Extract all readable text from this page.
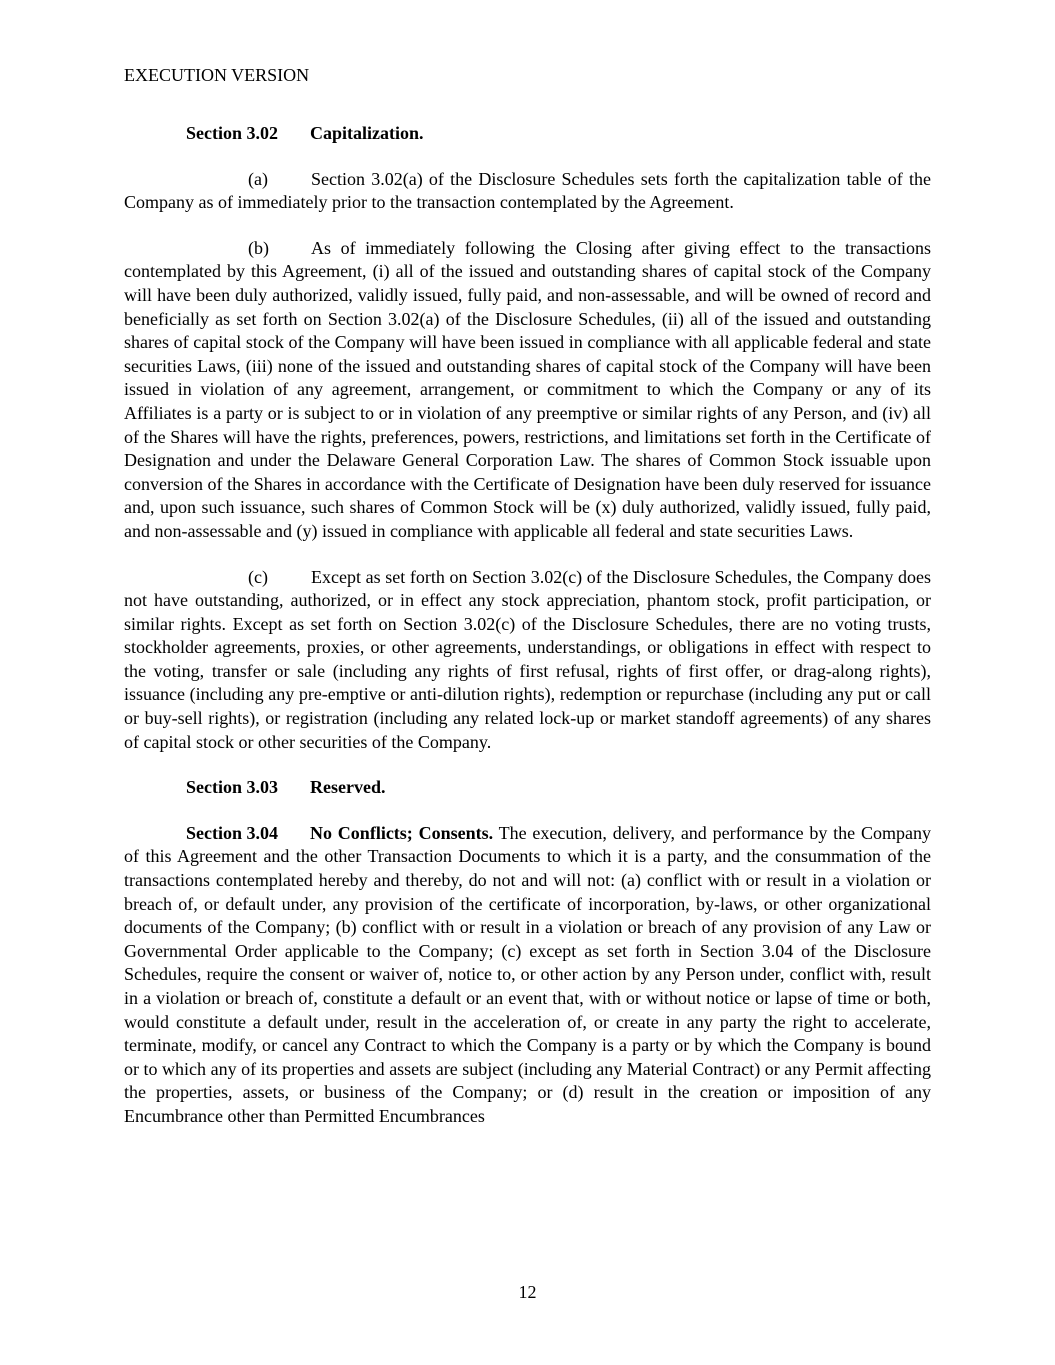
EXECUTION VERSION
Section 3.02 Capitalization.

(a) Section 3.02(a) of the Disclosure Schedules sets forth the capitalization table of the Company as of immediately prior to the transaction contemplated by the Agreement.

(b) As of immediately following the Closing after giving effect to the transactions contemplated by this Agreement, (i) all of the issued and outstanding shares of capital stock of the Company will have been duly authorized, validly issued, fully paid, and non-assessable, and will be owned of record and beneficially as set forth on Section 3.02(a) of the Disclosure Schedules, (ii) all of the issued and outstanding shares of capital stock of the Company will have been issued in compliance with all applicable federal and state securities Laws, (iii) none of the issued and outstanding shares of capital stock of the Company will have been issued in violation of any agreement, arrangement, or commitment to which the Company or any of its Affiliates is a party or is subject to or in violation of any preemptive or similar rights of any Person, and (iv) all of the Shares will have the rights, preferences, powers, restrictions, and limitations set forth in the Certificate of Designation and under the Delaware General Corporation Law. The shares of Common Stock issuable upon conversion of the Shares in accordance with the Certificate of Designation have been duly reserved for issuance and, upon such issuance, such shares of Common Stock will be (x) duly authorized, validly issued, fully paid, and non-assessable and (y) issued in compliance with applicable all federal and state securities Laws.

(c) Except as set forth on Section 3.02(c) of the Disclosure Schedules, the Company does not have outstanding, authorized, or in effect any stock appreciation, phantom stock, profit participation, or similar rights. Except as set forth on Section 3.02(c) of the Disclosure Schedules, there are no voting trusts, stockholder agreements, proxies, or other agreements, understandings, or obligations in effect with respect to the voting, transfer or sale (including any rights of first refusal, rights of first offer, or drag-along rights), issuance (including any pre-emptive or anti-dilution rights), redemption or repurchase (including any put or call or buy-sell rights), or registration (including any related lock-up or market standoff agreements) of any shares of capital stock or other securities of the Company.

Section 3.03 Reserved.

Section 3.04 No Conflicts; Consents. The execution, delivery, and performance by the Company of this Agreement and the other Transaction Documents to which it is a party, and the consummation of the transactions contemplated hereby and thereby, do not and will not: (a) conflict with or result in a violation or breach of, or default under, any provision of the certificate of incorporation, by-laws, or other organizational documents of the Company; (b) conflict with or result in a violation or breach of any provision of any Law or Governmental Order applicable to the Company; (c) except as set forth in Section 3.04 of the Disclosure Schedules, require the consent or waiver of, notice to, or other action by any Person under, conflict with, result in a violation or breach of, constitute a default or an event that, with or without notice or lapse of time or both, would constitute a default under, result in the acceleration of, or create in any party the right to accelerate, terminate, modify, or cancel any Contract to which the Company is a party or by which the Company is bound or to which any of its properties and assets are subject (including any Material Contract) or any Permit affecting the properties, assets, or business of the Company; or (d) result in the creation or imposition of any Encumbrance other than Permitted Encumbrances

12
